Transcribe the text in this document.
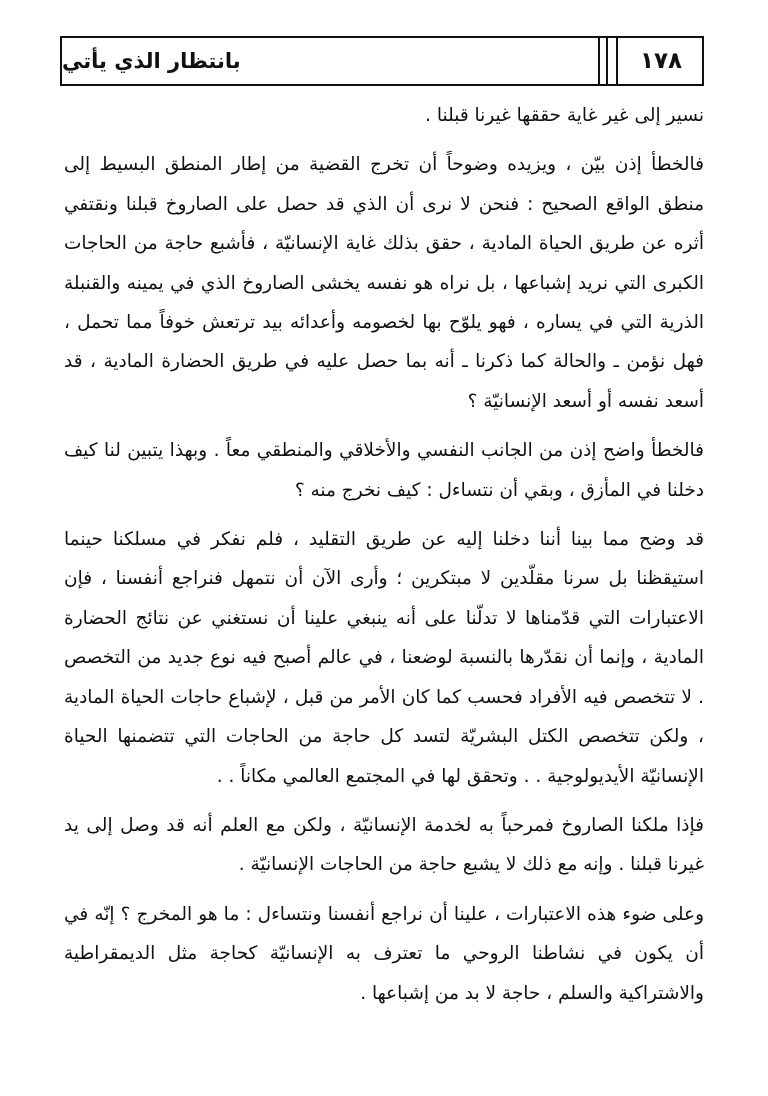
بانتظار الذي يأتي	١٧٨

نسير إلى غير غاية حققها غيرنا قبلنا .

فالخطأ إذن بيّن ، ويزيده وضوحاً أن تخرج القضية من إطار المنطق البسيط إلى منطق الواقع الصحيح : فنحن لا نرى أن الذي قد حصل على الصاروخ قبلنا ونقتفي أثره عن طريق الحياة المادية ، حقق بذلك غاية الإنسانيّة ، فأشبع حاجة من الحاجات الكبرى التي نريد إشباعها ، بل نراه هو نفسه يخشى الصاروخ الذي في يمينه والقنبلة الذرية التي في يساره ، فهو يلوّح بها لخصومه وأعدائه بيد ترتعش خوفاً مما تحمل ، فهل نؤمن ـ والحالة كما ذكرنا ـ أنه بما حصل عليه في طريق الحضارة المادية ، قد أسعد نفسه أو أسعد الإنسانيّة ؟

فالخطأ واضح إذن من الجانب النفسي والأخلاقي والمنطقي معاً . وبهذا يتبين لنا كيف دخلنا في المأزق ، وبقي أن نتساءل : كيف نخرج منه ؟

قد وضح مما بينا أننا دخلنا إليه عن طريق التقليد ، فلم نفكر في مسلكنا حينما استيقظنا بل سرنا مقلّدين لا مبتكرين ؛ وأرى الآن أن نتمهل فنراجع أنفسنا ، فإن الاعتبارات التي قدّمناها لا تدلّنا على أنه ينبغي علينا أن نستغني عن نتائج الحضارة المادية ، وإنما أن نقدّرها بالنسبة لوضعنا ، في عالم أصبح فيه نوع جديد من التخصص . لا تتخصص فيه الأفراد فحسب كما كان الأمر من قبل ، لإشباع حاجات الحياة المادية ، ولكن تتخصص الكتل البشريّة لتسد كل حاجة من الحاجات التي تتضمنها الحياة الإنسانيّة الأيديولوجية . . وتحقق لها في المجتمع العالمي مكاناً . .

فإذا ملكنا الصاروخ فمرحباً به لخدمة الإنسانيّة ، ولكن مع العلم أنه قد وصل إلى يد غيرنا قبلنا . وإنه مع ذلك لا يشبع حاجة من الحاجات الإنسانيّة .

وعلى ضوء هذه الاعتبارات ، علينا أن نراجع أنفسنا ونتساءل : ما هو المخرج ؟ إنّه في أن يكون في نشاطنا الروحي ما تعترف به الإنسانيّة كحاجة مثل الديمقراطية والاشتراكية والسلم ، حاجة لا بد من إشباعها .
